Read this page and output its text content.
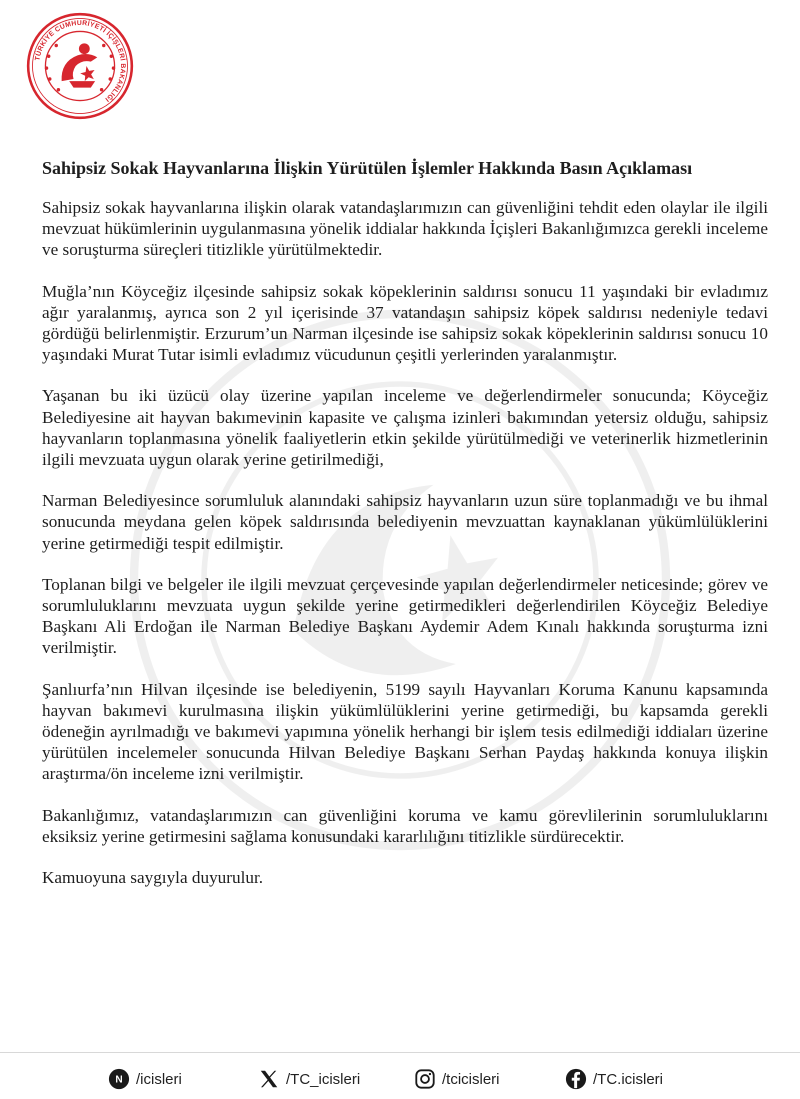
TÜRKİYE CUMHURİYETİ İÇİŞLERİ BAKANLIĞI
Sahipsiz Sokak Hayvanlarına İlişkin Yürütülen İşlemler Hakkında Basın Açıklaması

Sahipsiz sokak hayvanlarına ilişkin olarak vatandaşlarımızın can güvenliğini tehdit eden olaylar ile ilgili mevzuat hükümlerinin uygulanmasına yönelik iddialar hakkında İçişleri Bakanlığımızca gerekli inceleme ve soruşturma süreçleri titizlikle yürütülmektedir.

Muğla’nın Köyceğiz ilçesinde sahipsiz sokak köpeklerinin saldırısı sonucu 11 yaşındaki bir evladımız ağır yaralanmış, ayrıca son 2 yıl içerisinde 37 vatandaşın sahipsiz köpek saldırısı nedeniyle tedavi gördüğü belirlenmiştir. Erzurum’un Narman ilçesinde ise sahipsiz sokak köpeklerinin saldırısı sonucu 10 yaşındaki Murat Tutar isimli evladımız vücudunun çeşitli yerlerinden yaralanmıştır.

Yaşanan bu iki üzücü olay üzerine yapılan inceleme ve değerlendirmeler sonucunda; Köyceğiz Belediyesine ait hayvan bakımevinin kapasite ve çalışma izinleri bakımından yetersiz olduğu, sahipsiz hayvanların toplanmasına yönelik faaliyetlerin etkin şekilde yürütülmediği ve veterinerlik hizmetlerinin ilgili mevzuata uygun olarak yerine getirilmediği,

Narman Belediyesince sorumluluk alanındaki sahipsiz hayvanların uzun süre toplanmadığı ve bu ihmal sonucunda meydana gelen köpek saldırısında belediyenin mevzuattan kaynaklanan yükümlülüklerini yerine getirmediği tespit edilmiştir.

Toplanan bilgi ve belgeler ile ilgili mevzuat çerçevesinde yapılan değerlendirmeler neticesinde; görev ve sorumluluklarını mevzuata uygun şekilde yerine getirmedikleri değerlendirilen Köyceğiz Belediye Başkanı Ali Erdoğan ile Narman Belediye Başkanı Aydemir Adem Kınalı hakkında soruşturma izni verilmiştir.

Şanlıurfa’nın Hilvan ilçesinde ise belediyenin, 5199 sayılı Hayvanları Koruma Kanunu kapsamında hayvan bakımevi kurulmasına ilişkin yükümlülüklerini yerine getirmediği, bu kapsamda gerekli ödeneğin ayrılmadığı ve bakımevi yapımına yönelik herhangi bir işlem tesis edilmediği iddiaları üzerine yürütülen incelemeler sonucunda Hilvan Belediye Başkanı Serhan Paydaş hakkında konuya ilişkin araştırma/ön inceleme izni verilmiştir.

Bakanlığımız, vatandaşlarımızın can güvenliğini koruma ve kamu görevlilerinin sorumluluklarını eksiksiz yerine getirmesini sağlama konusundaki kararlılığını titizlikle sürdürecektir.

Kamuoyuna saygıyla duyurulur.

N /icisleri	/TC_icisleri	/tcicisleri	/TC.icisleri
